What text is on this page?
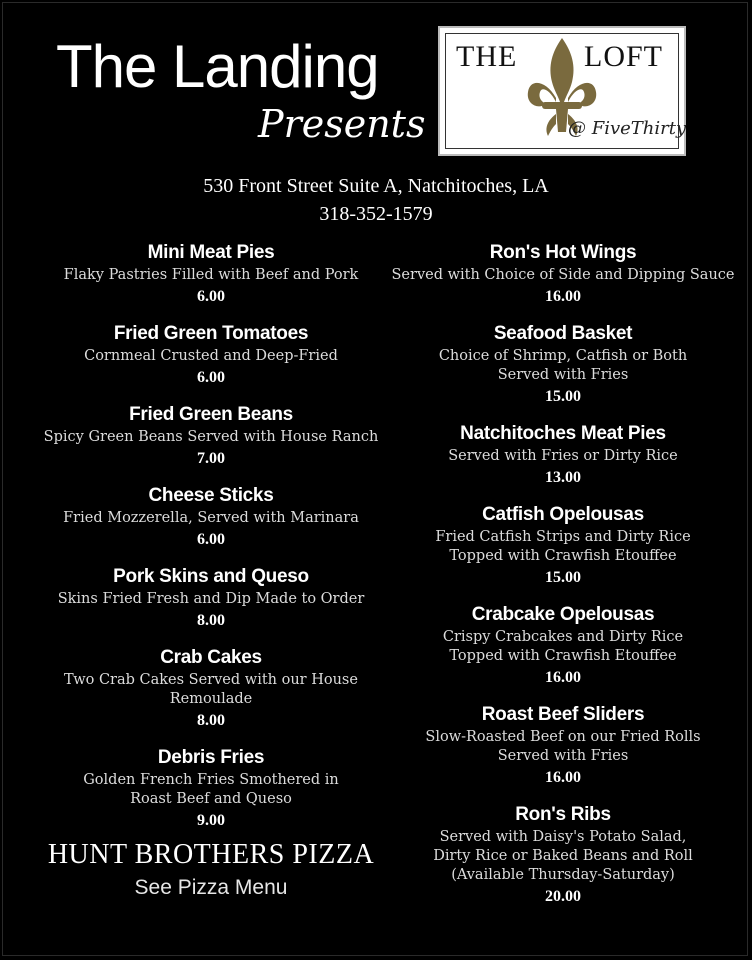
The Landing
Presents
THE LOFT
@ FiveThirty
530 Front Street Suite A, Natchitoches, LA
318-352-1579
Mini Meat Pies
Flaky Pastries Filled with Beef and Pork
6.00
Fried Green Tomatoes
Cornmeal Crusted and Deep-Fried
6.00
Fried Green Beans
Spicy Green Beans Served with House Ranch
7.00
Cheese Sticks
Fried Mozzerella, Served with Marinara
6.00
Pork Skins and Queso
Skins Fried Fresh and Dip Made to Order
8.00
Crab Cakes
Two Crab Cakes Served with our House
Remoulade
8.00
Debris Fries
Golden French Fries Smothered in
Roast Beef and Queso
9.00
Ron's Hot Wings
Served with Choice of Side and Dipping Sauce
16.00
Seafood Basket
Choice of Shrimp, Catfish or Both
Served with Fries
15.00
Natchitoches Meat Pies
Served with Fries or Dirty Rice
13.00
Catfish Opelousas
Fried Catfish Strips and Dirty Rice
Topped with Crawfish Etouffee
15.00
Crabcake Opelousas
Crispy Crabcakes and Dirty Rice
Topped with Crawfish Etouffee
16.00
Roast Beef Sliders
Slow-Roasted Beef on our Fried Rolls
Served with Fries
16.00
Ron's Ribs
Served with Daisy's Potato Salad,
Dirty Rice or Baked Beans and Roll
(Available Thursday-Saturday)
20.00
HUNT BROTHERS PIZZA
See Pizza Menu
